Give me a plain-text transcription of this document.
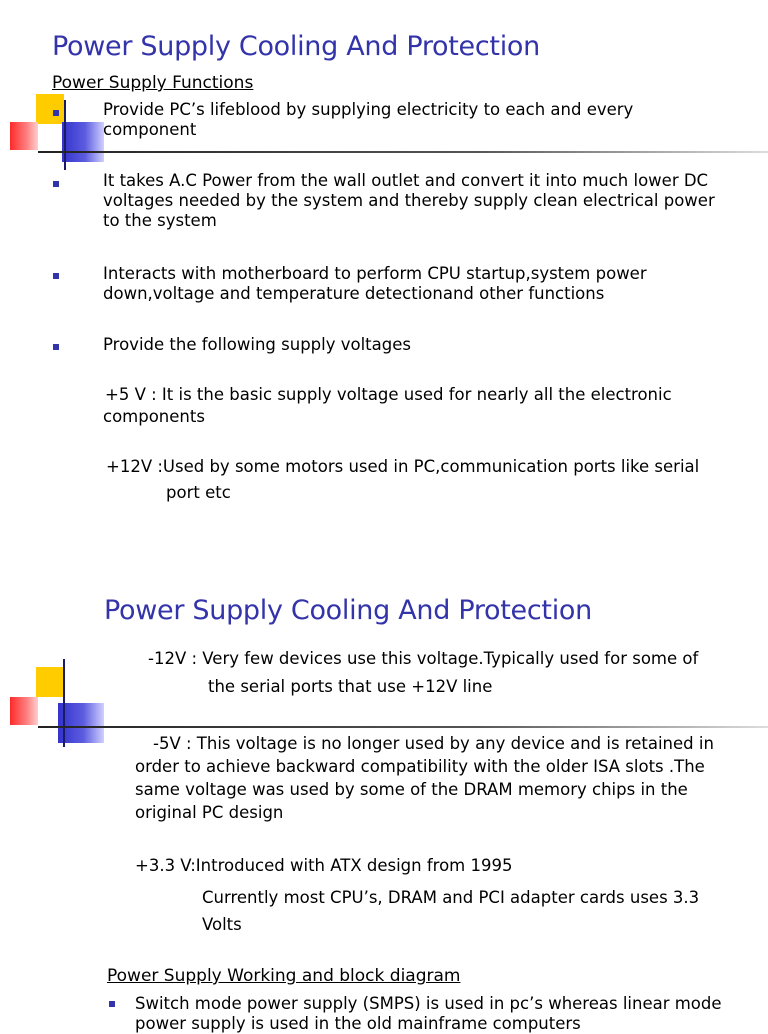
Power Supply Cooling And Protection
Power Supply Functions
Provide PC’s lifeblood by supplying electricity to each and every component
It takes A.C Power from the wall outlet and convert it into much lower DC voltages needed by the system and thereby supply clean electrical power to the system
Interacts with motherboard to perform CPU startup,system power down,voltage and temperature detectionand other functions
Provide the following supply voltages
+5 V : It is the basic supply voltage used for nearly all the electronic
components
+12V :Used by some motors used in PC,communication ports like serial
port etc
Power Supply Cooling And Protection
-12V : Very few devices use this voltage.Typically used for some of
the serial ports that use +12V line
-5V : This voltage is no longer used by any device and is retained in order to achieve backward compatibility with the older ISA slots .The same voltage was used by some of the DRAM memory chips in the original PC design
+3.3 V:Introduced with ATX design from 1995
Currently most CPU’s, DRAM and PCI adapter cards uses 3.3 Volts
Power Supply Working and block diagram
Switch mode power supply (SMPS) is used in pc’s whereas linear mode power supply is used in the old mainframe computers
